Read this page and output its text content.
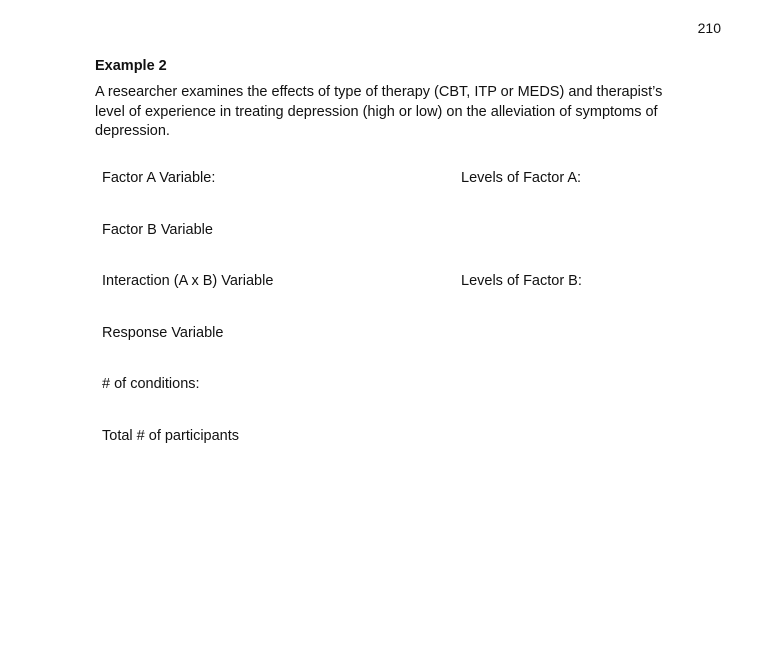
210
Example 2
A researcher examines the effects of type of therapy (CBT, ITP or MEDS) and therapist’s level of experience in treating depression (high or low) on the alleviation of symptoms of depression.
Factor A Variable:
Factor B Variable
Interaction (A x B) Variable
Response Variable
# of conditions:
Total # of participants
Levels of Factor A:
Levels of Factor B:
